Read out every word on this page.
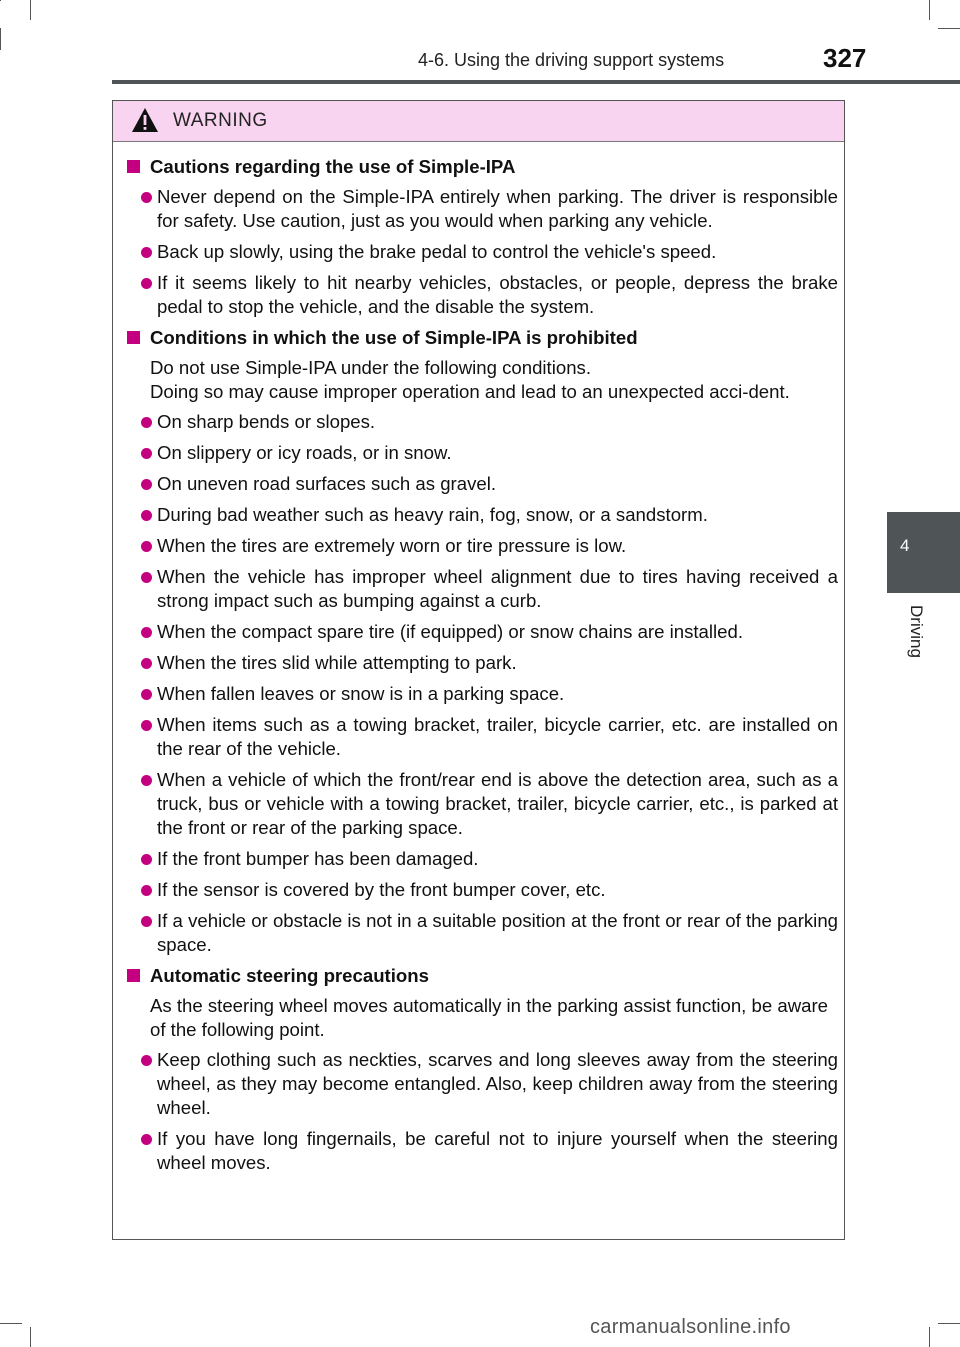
4-6. Using the driving support systems	327
4
Driving
WARNING
Cautions regarding the use of Simple-IPA
Never depend on the Simple-IPA entirely when parking. The driver is responsible for safety. Use caution, just as you would when parking any vehicle.
Back up slowly, using the brake pedal to control the vehicle's speed.
If it seems likely to hit nearby vehicles, obstacles, or people, depress the brake pedal to stop the vehicle, and the disable the system.
Conditions in which the use of Simple-IPA is prohibited

Do not use Simple-IPA under the following conditions.

Doing so may cause improper operation and lead to an unexpected acci-dent.

On sharp bends or slopes.
On slippery or icy roads, or in snow.
On uneven road surfaces such as gravel.
During bad weather such as heavy rain, fog, snow, or a sandstorm.
When the tires are extremely worn or tire pressure is low.
When the vehicle has improper wheel alignment due to tires having received a strong impact such as bumping against a curb.
When the compact spare tire (if equipped) or snow chains are installed.
When the tires slid while attempting to park.
When fallen leaves or snow is in a parking space.
When items such as a towing bracket, trailer, bicycle carrier, etc. are installed on the rear of the vehicle.
When a vehicle of which the front/rear end is above the detection area, such as a truck, bus or vehicle with a towing bracket, trailer, bicycle carrier, etc., is parked at the front or rear of the parking space.
If the front bumper has been damaged.
If the sensor is covered by the front bumper cover, etc.
If a vehicle or obstacle is not in a suitable position at the front or rear of the parking space.
Automatic steering precautions

As the steering wheel moves automatically in the parking assist function, be aware of the following point.

Keep clothing such as neckties, scarves and long sleeves away from the steering wheel, as they may become entangled. Also, keep children away from the steering wheel.
If you have long fingernails, be careful not to injure yourself when the steering wheel moves.
carmanualsonline.info
